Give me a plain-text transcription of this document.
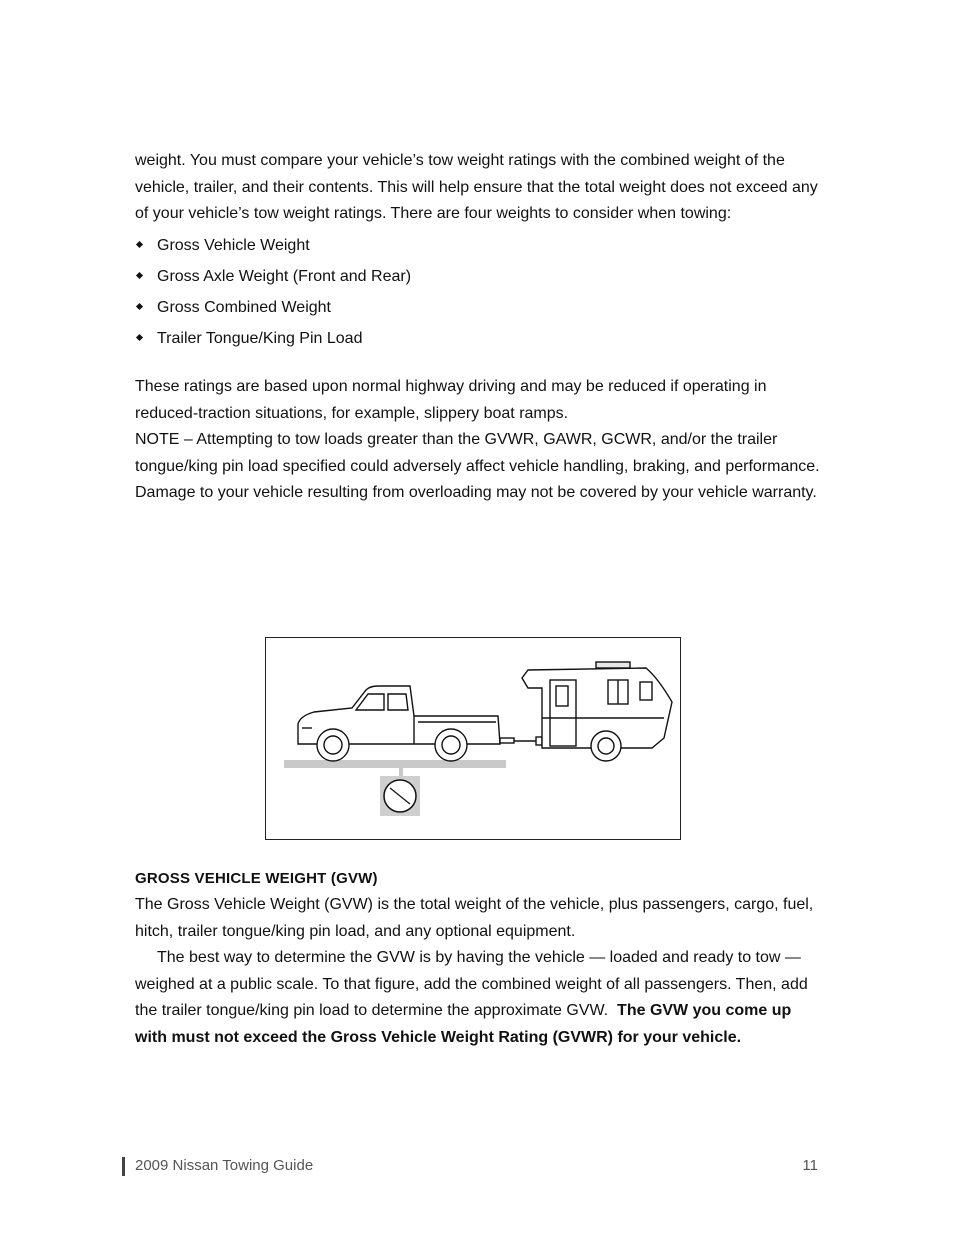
weight. You must compare your vehicle’s tow weight ratings with the combined weight of the vehicle, trailer, and their contents. This will help ensure that the total weight does not exceed any of your vehicle’s tow weight ratings. There are four weights to consider when towing:

Gross Vehicle Weight
Gross Axle Weight (Front and Rear)
Gross Combined Weight
Trailer Tongue/King Pin Load

These ratings are based upon normal highway driving and may be reduced if operating in reduced-traction situations, for example, slippery boat ramps.

NOTE – Attempting to tow loads greater than the GVWR, GAWR, GCWR, and/or the trailer tongue/king pin load specified could adversely affect vehicle handling, braking, and performance. Damage to your vehicle resulting from overloading may not be covered by your vehicle warranty.

GROSS VEHICLE WEIGHT (GVW)

The Gross Vehicle Weight (GVW) is the total weight of the vehicle, plus passengers, cargo, fuel, hitch, trailer tongue/king pin load, and any optional equipment.

The best way to determine the GVW is by having the vehicle — loaded and ready to tow — weighed at a public scale. To that figure, add the combined weight of all passengers. Then, add the trailer tongue/king pin load to determine the approximate GVW. The GVW you come up with must not exceed the Gross Vehicle Weight Rating (GVWR) for your vehicle.

2009 Nissan Towing Guide	11
